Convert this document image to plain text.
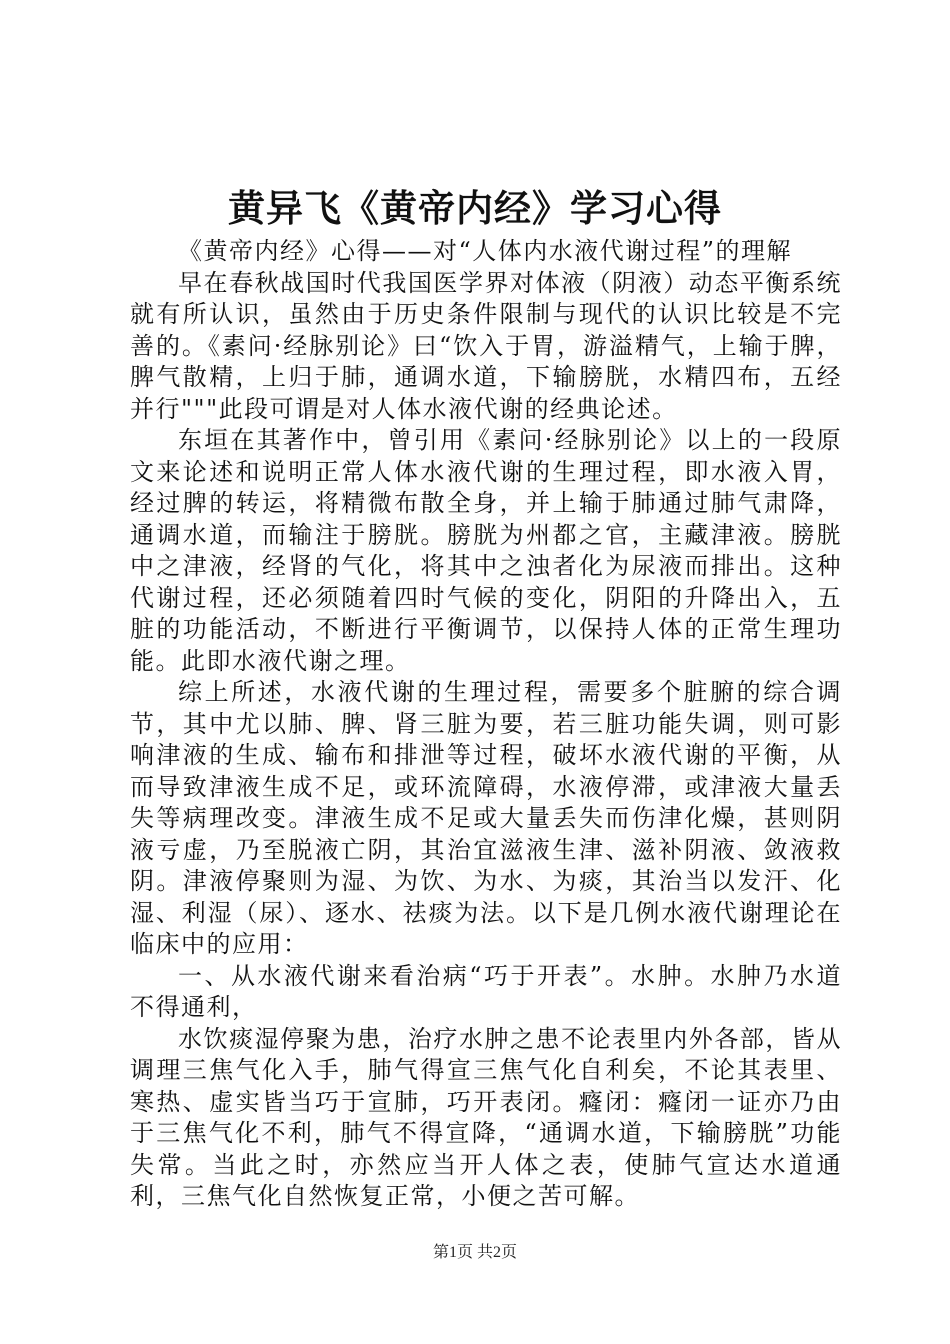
黄异飞《黄帝内经》学习心得

《黄帝内经》心得——对“人体内水液代谢过程”的理解

早在春秋战国时代我国医学界对体液（阴液）动态平衡系统就有所认识，虽然由于历史条件限制与现代的认识比较是不完善的。《素问·经脉别论》曰“饮入于胃，游溢精气，上输于脾，脾气散精，上归于肺，通调水道，下输膀胱，水精四布，五经并行"""此段可谓是对人体水液代谢的经典论述。

东垣在其著作中，曾引用《素问·经脉别论》以上的一段原文来论述和说明正常人体水液代谢的生理过程，即水液入胃，经过脾的转运，将精微布散全身，并上输于肺通过肺气肃降，通调水道，而输注于膀胱。膀胱为州都之官，主藏津液。膀胱中之津液，经肾的气化，将其中之浊者化为尿液而排出。这种代谢过程，还必须随着四时气候的变化，阴阳的升降出入，五脏的功能活动，不断进行平衡调节，以保持人体的正常生理功能。此即水液代谢之理。

综上所述，水液代谢的生理过程，需要多个脏腑的综合调节，其中尤以肺、脾、肾三脏为要，若三脏功能失调，则可影响津液的生成、输布和排泄等过程，破坏水液代谢的平衡，从而导致津液生成不足，或环流障碍，水液停滞，或津液大量丢失等病理改变。津液生成不足或大量丢失而伤津化燥，甚则阴液亏虚，乃至脱液亡阴，其治宜滋液生津、滋补阴液、敛液救阴。津液停聚则为湿、为饮、为水、为痰，其治当以发汗、化湿、利湿（尿）、逐水、祛痰为法。以下是几例水液代谢理论在临床中的应用：

一、从水液代谢来看治病“巧于开表”。水肿。水肿乃水道不得通利，

水饮痰湿停聚为患，治疗水肿之患不论表里内外各部，皆从调理三焦气化入手，肺气得宣三焦气化自利矣，不论其表里、寒热、虚实皆当巧于宣肺，巧开表闭。癃闭：癃闭一证亦乃由于三焦气化不利，肺气不得宣降，“通调水道，下输膀胱”功能失常。当此之时，亦然应当开人体之表，使肺气宣达水道通利，三焦气化自然恢复正常，小便之苦可解。

第1页 共2页
